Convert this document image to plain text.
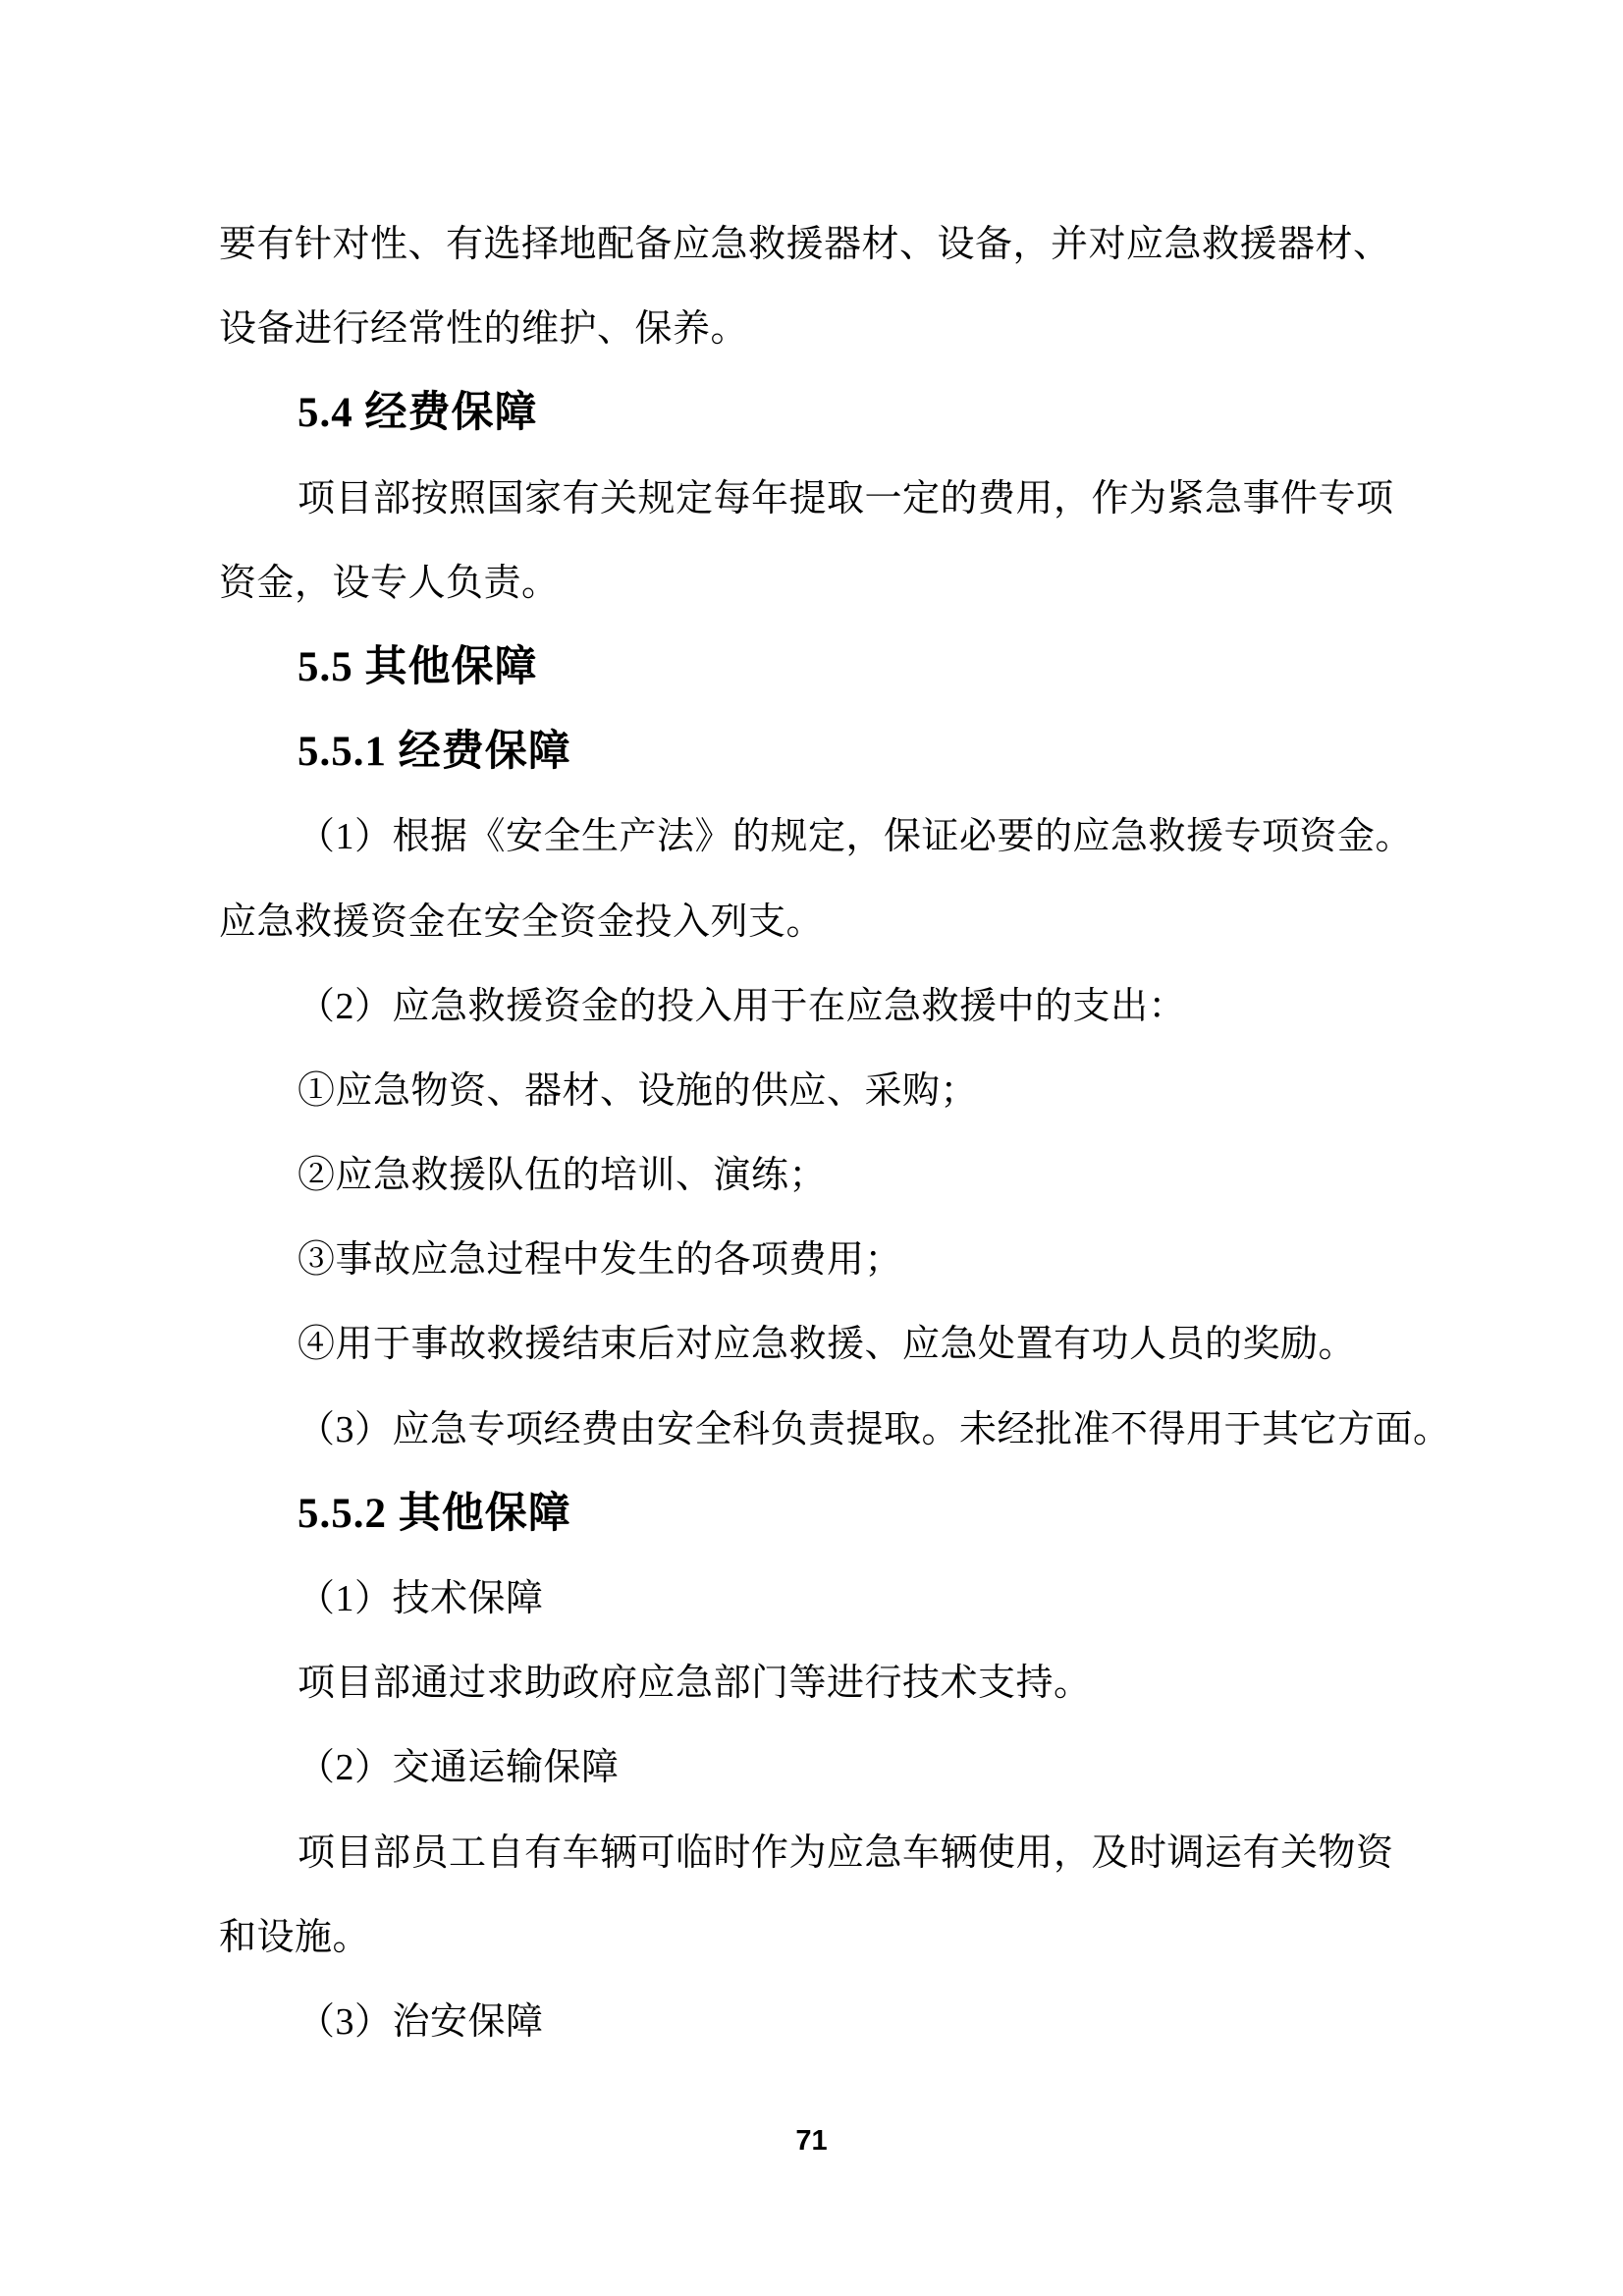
要有针对性、有选择地配备应急救援器材、设备，并对应急救援器材、
设备进行经常性的维护、保养。
5.4 经费保障
项目部按照国家有关规定每年提取一定的费用，作为紧急事件专项
资金，设专人负责。
5.5 其他保障
5.5.1 经费保障
（1）根据《安全生产法》的规定，保证必要的应急救援专项资金。
应急救援资金在安全资金投入列支。
（2）应急救援资金的投入用于在应急救援中的支出：
①应急物资、器材、设施的供应、采购；
②应急救援队伍的培训、演练；
③事故应急过程中发生的各项费用；
④用于事故救援结束后对应急救援、应急处置有功人员的奖励。
（3）应急专项经费由安全科负责提取。未经批准不得用于其它方面。
5.5.2 其他保障
（1）技术保障
项目部通过求助政府应急部门等进行技术支持。
（2）交通运输保障
项目部员工自有车辆可临时作为应急车辆使用，及时调运有关物资
和设施。
（3）治安保障
71
